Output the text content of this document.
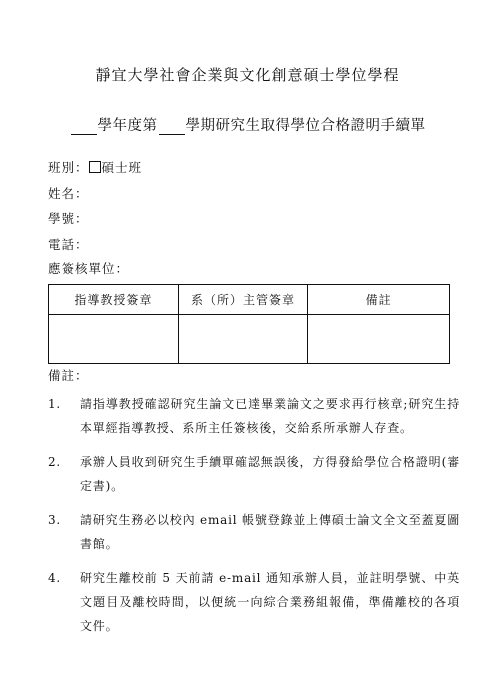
靜宜大學社會企業與文化創意碩士學位學程
學年度第 學期研究生取得學位合格證明手續單
班別： 碩士班
姓名：
學號：
電話：
應簽核單位：
指導教授簽章	系（所）主管簽章	備註

備註：
1.	請指導教授確認研究生論文已達畢業論文之要求再行核章;研究生持本單經指導教授、系所主任簽核後，交給系所承辦人存查。
2.	承辦人員收到研究生手續單確認無誤後，方得發給學位合格證明(審定書)。
3.	請研究生務必以校內 email 帳號登錄並上傳碩士論文全文至蓋夏圖書館。
4.	研究生離校前 5 天前請 e-mail 通知承辦人員，並註明學號、中英文題目及離校時間，以便統一向綜合業務組報備，準備離校的各項文件。
